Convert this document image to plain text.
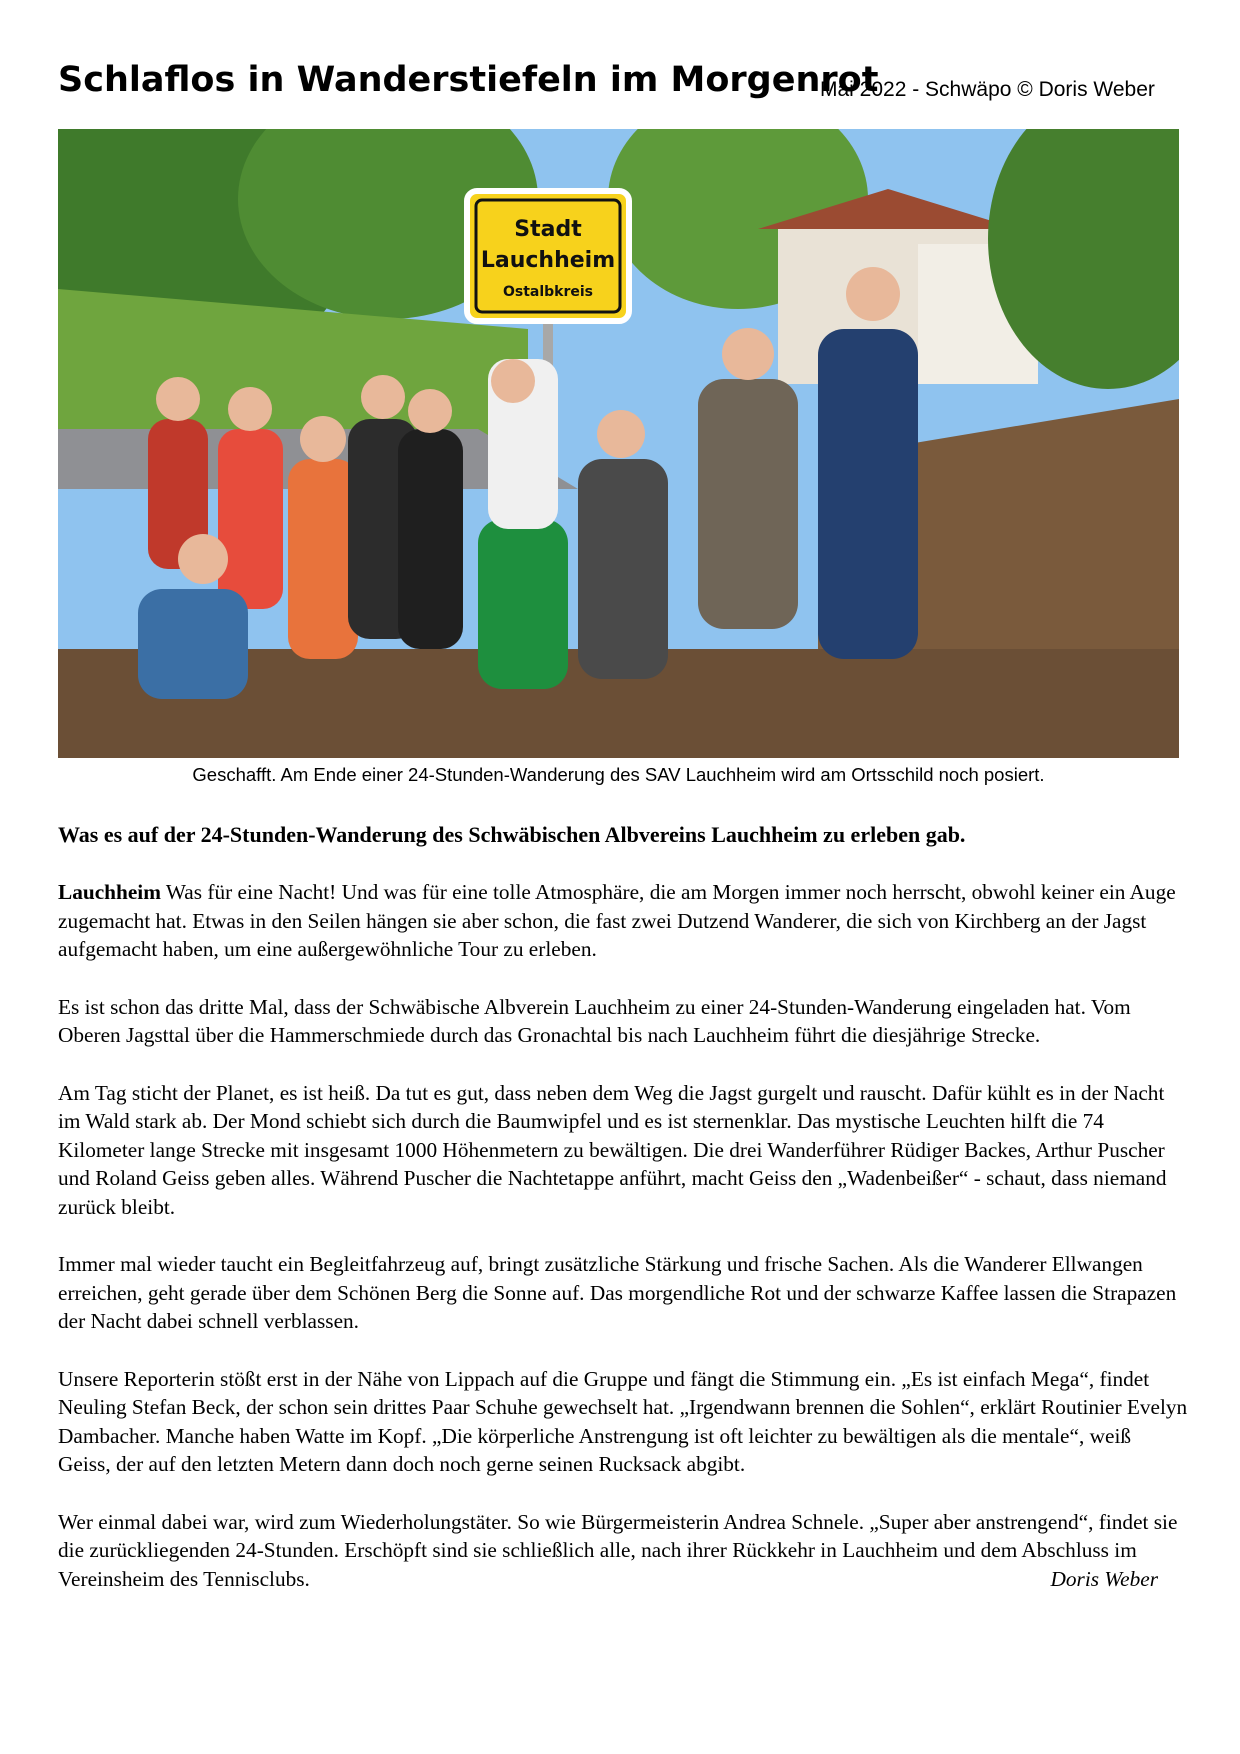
Schlaflos in Wanderstiefeln im Morgenrot
Mai 2022 - Schwäpo © Doris Weber
Stadt
Lauchheim
Ostalbkreis
Geschafft. Am Ende einer 24-Stunden-Wanderung des SAV Lauchheim wird am Ortsschild noch posiert.
Was es auf der 24-Stunden-Wanderung des Schwäbischen Albvereins Lauchheim zu erleben gab.

Lauchheim Was für eine Nacht! Und was für eine tolle Atmosphäre, die am Morgen immer noch herrscht, obwohl keiner ein Auge zugemacht hat. Etwas in den Seilen hängen sie aber schon, die fast zwei Dutzend Wanderer, die sich von Kirchberg an der Jagst aufgemacht haben, um eine außergewöhnliche Tour zu erleben.

Es ist schon das dritte Mal, dass der Schwäbische Albverein Lauchheim zu einer 24-Stunden-Wanderung eingeladen hat. Vom Oberen Jagsttal über die Hammerschmiede durch das Gronachtal bis nach Lauchheim führt die diesjährige Strecke.

Am Tag sticht der Planet, es ist heiß. Da tut es gut, dass neben dem Weg die Jagst gurgelt und rauscht. Dafür kühlt es in der Nacht im Wald stark ab. Der Mond schiebt sich durch die Baumwipfel und es ist sternenklar. Das mystische Leuchten hilft die 74 Kilometer lange Strecke mit insgesamt 1000 Höhenmetern zu bewältigen. Die drei Wanderführer Rüdiger Backes, Arthur Puscher und Roland Geiss geben alles. Während Puscher die Nachtetappe anführt, macht Geiss den „Wadenbeißer“ - schaut, dass niemand zurück bleibt.

Immer mal wieder taucht ein Begleitfahrzeug auf, bringt zusätzliche Stärkung und frische Sachen. Als die Wanderer Ellwangen erreichen, geht gerade über dem Schönen Berg die Sonne auf. Das morgendliche Rot und der schwarze Kaffee lassen die Strapazen der Nacht dabei schnell verblassen.

Unsere Reporterin stößt erst in der Nähe von Lippach auf die Gruppe und fängt die Stimmung ein. „Es ist einfach Mega“, findet Neuling Stefan Beck, der schon sein drittes Paar Schuhe gewechselt hat. „Irgendwann brennen die Sohlen“, erklärt Routinier Evelyn Dambacher. Manche haben Watte im Kopf. „Die körperliche Anstrengung ist oft leichter zu bewältigen als die mentale“, weiß Geiss, der auf den letzten Metern dann doch noch gerne seinen Rucksack abgibt.

Wer einmal dabei war, wird zum Wiederholungstäter. So wie Bürgermeisterin Andrea Schnele. „Super aber anstrengend“, findet sie die zurückliegenden 24-Stunden. Erschöpft sind sie schließlich alle, nach ihrer Rückkehr in Lauchheim und dem Abschluss im Vereinsheim des Tennisclubs.	Doris Weber
